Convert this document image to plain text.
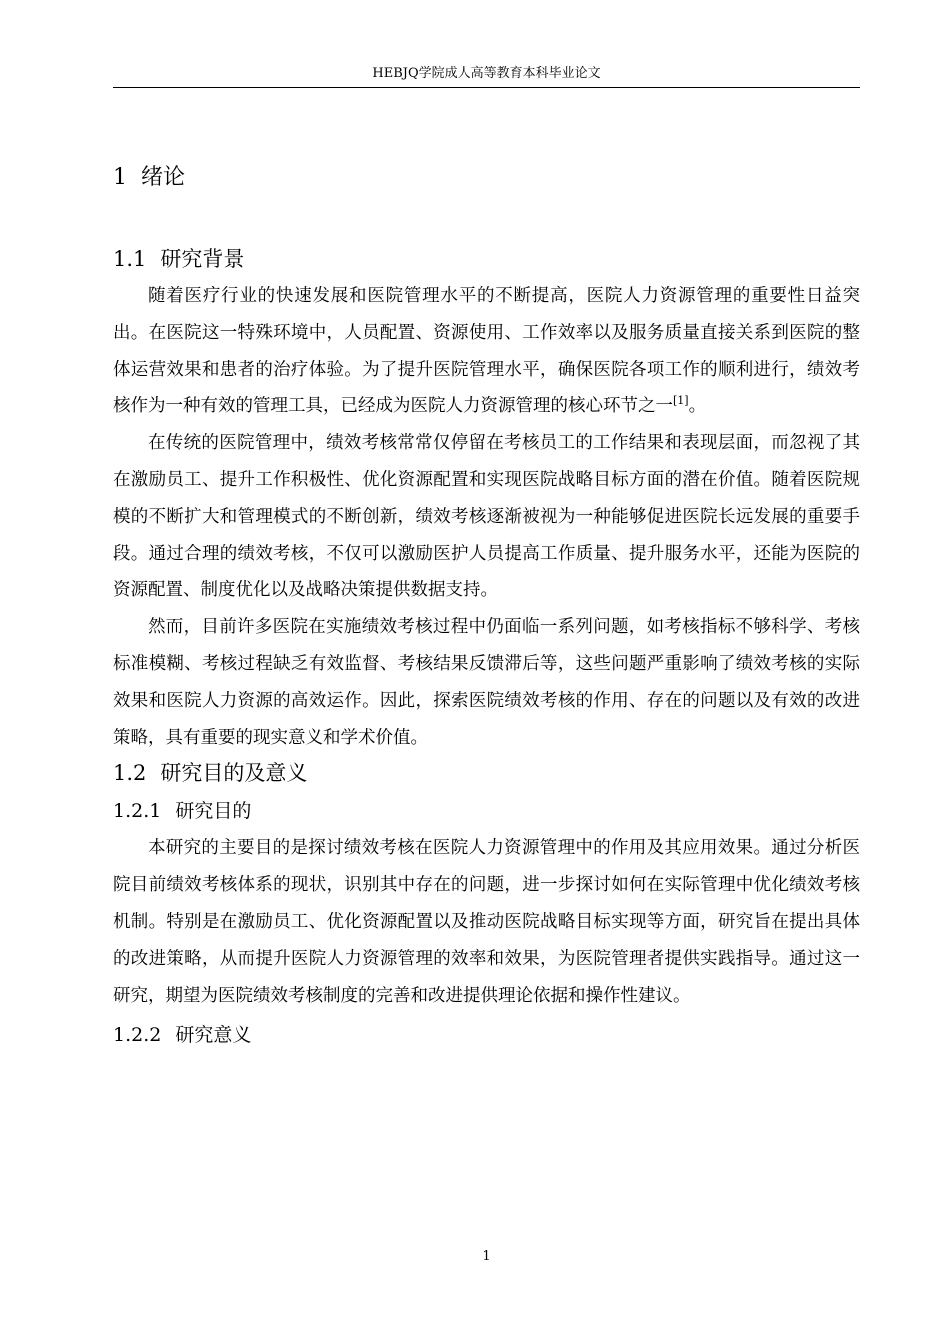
HEBJQ学院成人高等教育本科毕业论文
1 绪论
1.1 研究背景

随着医疗行业的快速发展和医院管理水平的不断提高，医院人力资源管理的重要性日益突出。在医院这一特殊环境中，人员配置、资源使用、工作效率以及服务质量直接关系到医院的整体运营效果和患者的治疗体验。为了提升医院管理水平，确保医院各项工作的顺利进行，绩效考核作为一种有效的管理工具，已经成为医院人力资源管理的核心环节之一[1]。

在传统的医院管理中，绩效考核常常仅停留在考核员工的工作结果和表现层面，而忽视了其在激励员工、提升工作积极性、优化资源配置和实现医院战略目标方面的潜在价值。随着医院规模的不断扩大和管理模式的不断创新，绩效考核逐渐被视为一种能够促进医院长远发展的重要手段。通过合理的绩效考核，不仅可以激励医护人员提高工作质量、提升服务水平，还能为医院的资源配置、制度优化以及战略决策提供数据支持。

然而，目前许多医院在实施绩效考核过程中仍面临一系列问题，如考核指标不够科学、考核标准模糊、考核过程缺乏有效监督、考核结果反馈滞后等，这些问题严重影响了绩效考核的实际效果和医院人力资源的高效运作。因此，探索医院绩效考核的作用、存在的问题以及有效的改进策略，具有重要的现实意义和学术价值。

1.2 研究目的及意义
1.2.1 研究目的

本研究的主要目的是探讨绩效考核在医院人力资源管理中的作用及其应用效果。通过分析医院目前绩效考核体系的现状，识别其中存在的问题，进一步探讨如何在实际管理中优化绩效考核机制。特别是在激励员工、优化资源配置以及推动医院战略目标实现等方面，研究旨在提出具体的改进策略，从而提升医院人力资源管理的效率和效果，为医院管理者提供实践指导。通过这一研究，期望为医院绩效考核制度的完善和改进提供理论依据和操作性建议。

1.2.2 研究意义
1
